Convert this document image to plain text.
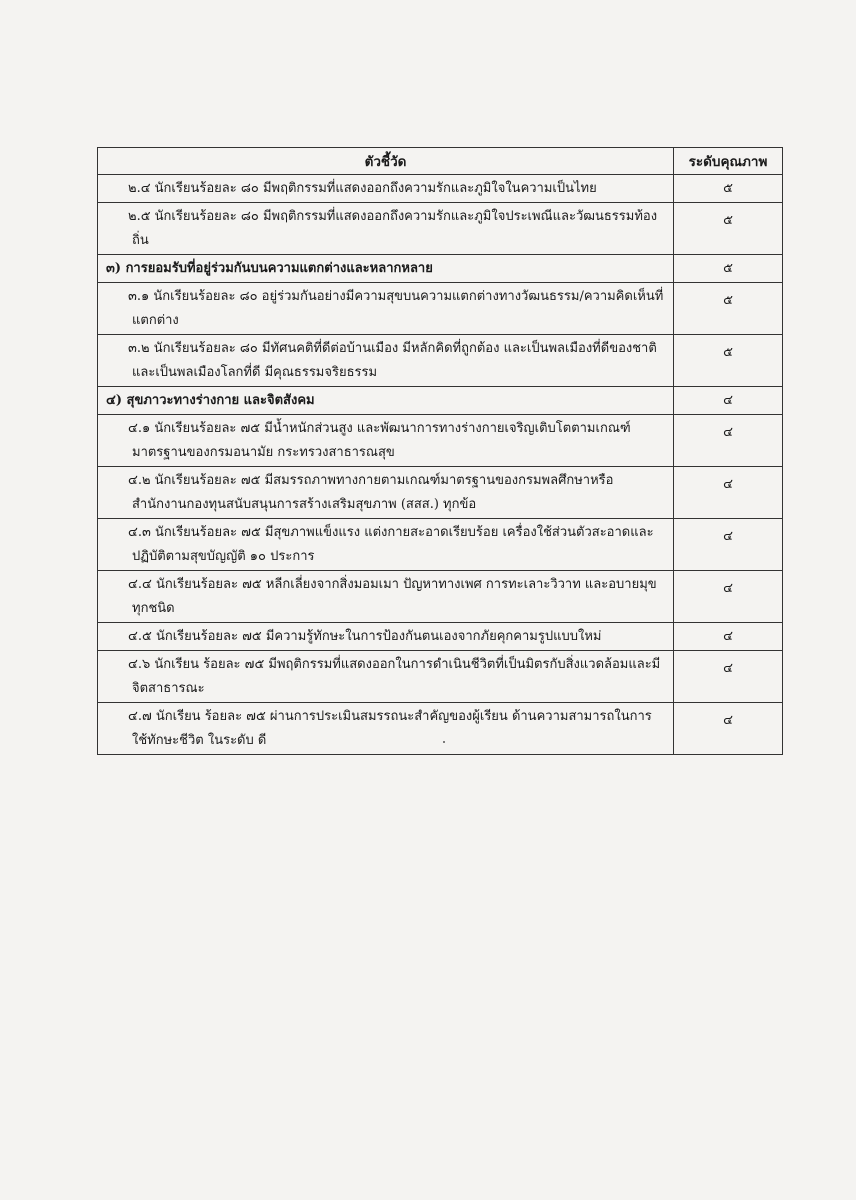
ตัวชี้วัด	ระดับคุณภาพ

๒.๔ นักเรียนร้อยละ ๘๐ มีพฤติกรรมที่แสดงออกถึงความรักและภูมิใจในความเป็นไทย	๕

๒.๕ นักเรียนร้อยละ ๘๐ มีพฤติกรรมที่แสดงออกถึงความรักและภูมิใจประเพณีและวัฒนธรรมท้องถิ่น	๕

๓) การยอมรับที่อยู่ร่วมกันบนความแตกต่างและหลากหลาย	๕

๓.๑ นักเรียนร้อยละ ๘๐ อยู่ร่วมกันอย่างมีความสุขบนความแตกต่างทางวัฒนธรรม/ความคิดเห็นที่แตกต่าง	๕

๓.๒ นักเรียนร้อยละ ๘๐ มีทัศนคติที่ดีต่อบ้านเมือง มีหลักคิดที่ถูกต้อง และเป็นพลเมืองที่ดีของชาติและเป็นพลเมืองโลกที่ดี มีคุณธรรมจริยธรรม	๕

๔) สุขภาวะทางร่างกาย และจิตสังคม	๔

๔.๑ นักเรียนร้อยละ ๗๕ มีน้ำหนักส่วนสูง และพัฒนาการทางร่างกายเจริญเติบโตตามเกณฑ์มาตรฐานของกรมอนามัย กระทรวงสาธารณสุข	๔

๔.๒ นักเรียนร้อยละ ๗๕ มีสมรรถภาพทางกายตามเกณฑ์มาตรฐานของกรมพลศึกษาหรือสำนักงานกองทุนสนับสนุนการสร้างเสริมสุขภาพ (สสส.) ทุกข้อ	๔

๔.๓ นักเรียนร้อยละ ๗๕ มีสุขภาพแข็งแรง แต่งกายสะอาดเรียบร้อย เครื่องใช้ส่วนตัวสะอาดและปฏิบัติตามสุขบัญญัติ ๑๐ ประการ	๔

๔.๔ นักเรียนร้อยละ ๗๕ หลีกเลี่ยงจากสิ่งมอมเมา ปัญหาทางเพศ การทะเลาะวิวาท และอบายมุขทุกชนิด	๔

๔.๕ นักเรียนร้อยละ ๗๕ มีความรู้ทักษะในการป้องกันตนเองจากภัยคุกคามรูปแบบใหม่	๔

๔.๖ นักเรียน ร้อยละ ๗๕ มีพฤติกรรมที่แสดงออกในการดำเนินชีวิตที่เป็นมิตรกับสิ่งแวดล้อมและมีจิตสาธารณะ	๔

๔.๗ นักเรียน ร้อยละ ๗๕ ผ่านการประเมินสมรรถนะสำคัญของผู้เรียน ด้านความสามารถในการใช้ทักษะชีวิต ในระดับ ดี	๔
